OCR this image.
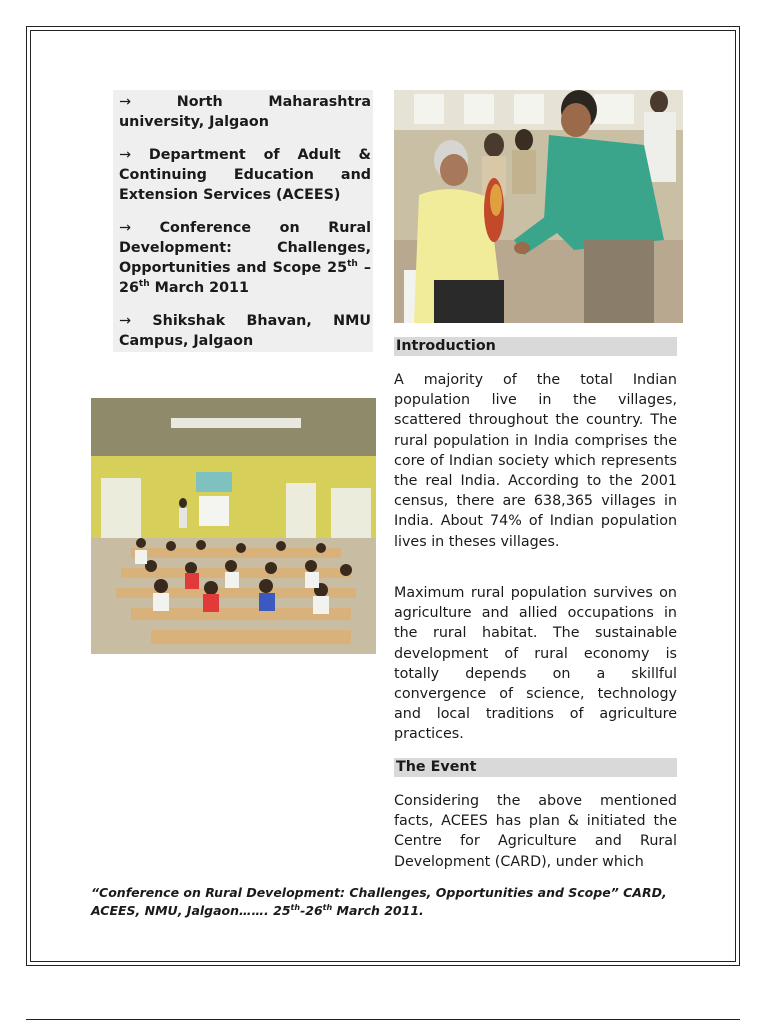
→	North Maharashtra university, Jalgaon

→ Department of Adult & Continuing Education and Extension Services (ACEES)

→ Conference on Rural Development: Challenges, Opportunities and Scope 25th – 26th March 2011

→ Shikshak Bhavan, NMU Campus, Jalgaon	Introduction

A majority of the total Indian population live in the villages, scattered throughout the country. The rural population in India comprises the core of Indian society which represents the real India. According to the 2001 census, there are 638,365 villages in India. About 74% of Indian population lives in theses villages.

Maximum rural population survives on agriculture and allied occupations in the rural habitat. The sustainable development of rural economy is totally depends on a skillful convergence of science, technology and local traditions of agriculture practices.

The Event

Considering the above mentioned facts, ACEES has plan & initiated the Centre for Agriculture and Rural Development (CARD), under which

“Conference on Rural Development: Challenges, Opportunities and Scope” CARD, ACEES, NMU, Jalgaon……. 25th-26th March 2011.
